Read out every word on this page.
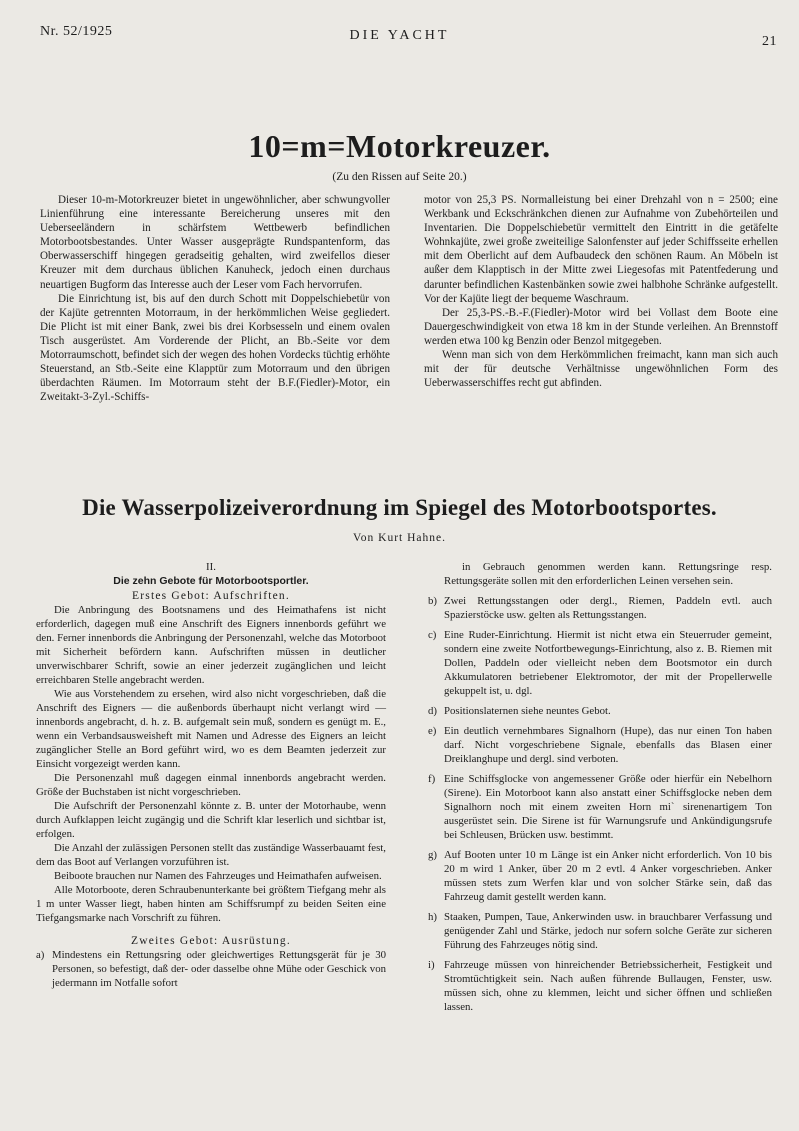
Nr. 52/1925	DIE YACHT	21
10=m=Motorkreuzer.
(Zu den Rissen auf Seite 20.)

Dieser 10-m-Motorkreuzer bietet in ungewöhnlicher, aber schwungvoller Linienführung eine interessante Bereicherung unseres mit den Ueberseeländern in schärfstem Wettbewerb befindlichen Motorbootsbestandes. Unter Wasser ausgeprägte Rundspantenform, das Oberwasserschiff hingegen geradseitig gehalten, wird zweifellos dieser Kreuzer mit dem durchaus üblichen Kanuheck, jedoch einen durchaus neuartigen Bugform das Interesse auch der Leser vom Fach hervorrufen.

Die Einrichtung ist, bis auf den durch Schott mit Doppelschiebetür von der Kajüte getrennten Motorraum, in der herkömmlichen Weise gegliedert. Die Plicht ist mit einer Bank, zwei bis drei Korbsesseln und einem ovalen Tisch ausgerüstet. Am Vorderende der Plicht, an Bb.-Seite vor dem Motorraumschott, befindet sich der wegen des hohen Vordecks tüchtig erhöhte Steuerstand, an Stb.-Seite eine Klapptür zum Motorraum und den übrigen überdachten Räumen. Im Motorraum steht der B.F.(Fiedler)-Motor, ein Zweitakt-3-Zyl.-Schiffs-

motor von 25,3 PS. Normalleistung bei einer Drehzahl von n = 2500; eine Werkbank und Eckschränkchen dienen zur Aufnahme von Zubehörteilen und Inventarien. Die Doppelschiebetür vermittelt den Eintritt in die getäfelte Wohnkajüte, zwei große zweiteilige Salonfenster auf jeder Schiffsseite erhellen mit dem Oberlicht auf dem Aufbaudeck den schönen Raum. An Möbeln ist außer dem Klapptisch in der Mitte zwei Liegesofas mit Patentfederung und darunter befindlichen Kastenbänken sowie zwei halbhohe Schränke aufgestellt. Vor der Kajüte liegt der bequeme Waschraum.

Der 25,3-PS.-B.-F.(Fiedler)-Motor wird bei Vollast dem Boote eine Dauergeschwindigkeit von etwa 18 km in der Stunde verleihen. An Brennstoff werden etwa 100 kg Benzin oder Benzol mitgegeben.

Wenn man sich von dem Herkömmlichen freimacht, kann man sich auch mit der für deutsche Verhältnisse ungewöhnlichen Form des Ueberwasserschiffes recht gut abfinden.

Die Wasserpolizeiverordnung im Spiegel des Motorbootsportes.
Von Kurt Hahne.

II.

Die zehn Gebote für Motorbootsportler.

Erstes Gebot: Aufschriften.

Die Anbringung des Bootsnamens und des Heimathafens ist nicht erforderlich, dagegen muß eine Anschrift des Eigners innenbords geführt we den. Ferner innenbords die Anbringung der Personenzahl, welche das Motorboot mit Sicherheit befördern kann. Aufschriften müssen in deutlicher unverwischbarer Schrift, sowie an einer jederzeit zugänglichen und leicht erreichbaren Stelle angebracht werden.

Wie aus Vorstehendem zu ersehen, wird also nicht vorgeschrieben, daß die Anschrift des Eigners — die außenbords überhaupt nicht verlangt wird — innenbords angebracht, d. h. z. B. aufgemalt sein muß, sondern es genügt m. E., wenn ein Verbandsausweisheft mit Namen und Adresse des Eigners an leicht zugänglicher Stelle an Bord geführt wird, wo es dem Beamten jederzeit zur Einsicht vorgezeigt werden kann.

Die Personenzahl muß dagegen einmal innenbords angebracht werden. Größe der Buchstaben ist nicht vorgeschrieben.

Die Aufschrift der Personenzahl könnte z. B. unter der Motorhaube, wenn durch Aufklappen leicht zugängig und die Schrift klar leserlich und sichtbar ist, erfolgen.

Die Anzahl der zulässigen Personen stellt das zuständige Wasserbauamt fest, dem das Boot auf Verlangen vorzuführen ist.

Beiboote brauchen nur Namen des Fahrzeuges und Heimathafen aufweisen.

Alle Motorboote, deren Schraubenunterkante bei größtem Tiefgang mehr als 1 m unter Wasser liegt, haben hinten am Schiffsrumpf zu beiden Seiten eine Tiefgangsmarke nach Vorschrift zu führen.

Zweites Gebot: Ausrüstung.

a) Mindestens ein Rettungsring oder gleichwertiges Rettungsgerät für je 30 Personen, so befestigt, daß der- oder dasselbe ohne Mühe oder Geschick von jedermann im Notfalle sofort

in Gebrauch genommen werden kann. Rettungsringe resp. Rettungsgeräte sollen mit den erforderlichen Leinen versehen sein.

b) Zwei Rettungsstangen oder dergl., Riemen, Paddeln evtl. auch Spazierstöcke usw. gelten als Rettungsstangen.
c) Eine Ruder-Einrichtung. Hiermit ist nicht etwa ein Steuerruder gemeint, sondern eine zweite Notfortbewegungs-Einrichtung, also z. B. Riemen mit Dollen, Paddeln oder vielleicht neben dem Bootsmotor ein durch Akkumulatoren betriebener Elektromotor, der mit der Propellerwelle gekuppelt ist, u. dgl.
d) Positionslaternen siehe neuntes Gebot.
e) Ein deutlich vernehmbares Signalhorn (Hupe), das nur einen Ton haben darf. Nicht vorgeschriebene Signale, ebenfalls das Blasen einer Dreiklanghupe und dergl. sind verboten.
f) Eine Schiffsglocke von angemessener Größe oder hierfür ein Nebelhorn (Sirene). Ein Motorboot kann also anstatt einer Schiffsglocke neben dem Signalhorn noch mit einem zweiten Horn mi` sirenenartigem Ton ausgerüstet sein. Die Sirene ist für Warnungsrufe und Ankündigungsrufe bei Schleusen, Brücken usw. bestimmt.
g) Auf Booten unter 10 m Länge ist ein Anker nicht erforderlich. Von 10 bis 20 m wird 1 Anker, über 20 m 2 evtl. 4 Anker vorgeschrieben. Anker müssen stets zum Werfen klar und von solcher Stärke sein, daß das Fahrzeug damit gestellt werden kann.
h) Staaken, Pumpen, Taue, Ankerwinden usw. in brauchbarer Verfassung und genügender Zahl und Stärke, jedoch nur sofern solche Geräte zur sicheren Führung des Fahrzeuges nötig sind.
i) Fahrzeuge müssen von hinreichender Betriebssicherheit, Festigkeit und Stromtüchtigkeit sein. Nach außen führende Bullaugen, Fenster, usw. müssen sich, ohne zu klemmen, leicht und sicher öffnen und schließen lassen.
